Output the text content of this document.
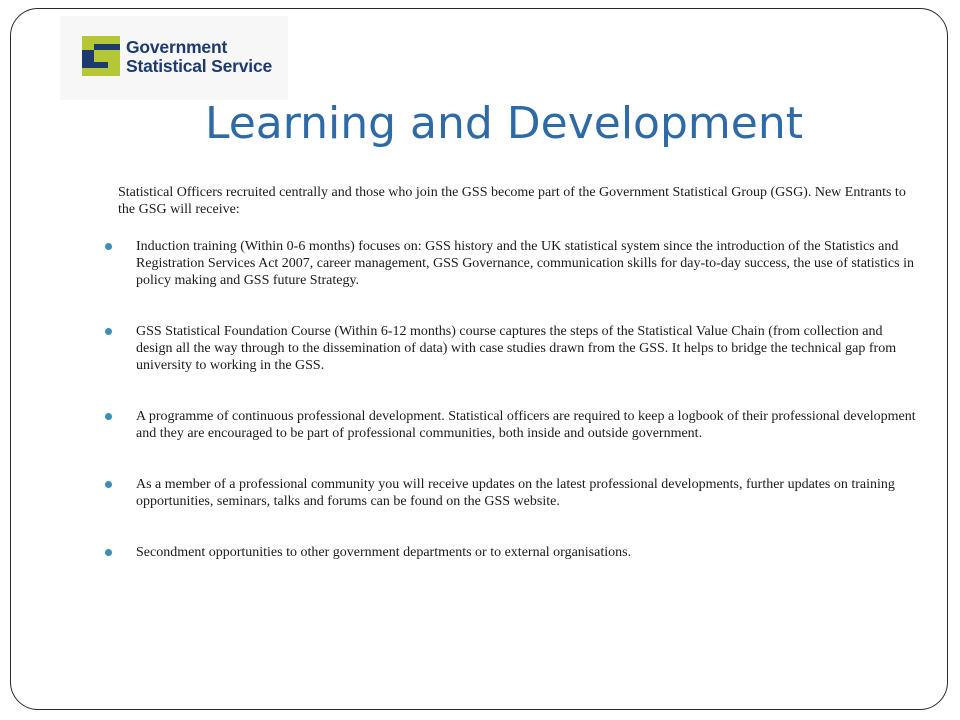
Government
Statistical Service
Learning and Development

Statistical Officers recruited centrally and those who join the GSS become part of the Government Statistical Group (GSG). New Entrants to the GSG will receive:

Induction training (Within 0-6 months) focuses on: GSS history and the UK statistical system since the introduction of the Statistics and Registration Services Act 2007, career management, GSS Governance, communication skills for day-to-day success, the use of statistics in policy making and GSS future Strategy.
GSS Statistical Foundation Course (Within 6-12 months) course captures the steps of the Statistical Value Chain (from collection and design all the way through to the dissemination of data) with case studies drawn from the GSS. It helps to bridge the technical gap from university to working in the GSS.
A programme of continuous professional development. Statistical officers are required to keep a logbook of their professional development and they are encouraged to be part of professional communities, both inside and outside government.
As a member of a professional community you will receive updates on the latest professional developments, further updates on training opportunities, seminars, talks and forums can be found on the GSS website.
Secondment opportunities to other government departments or to external organisations.
